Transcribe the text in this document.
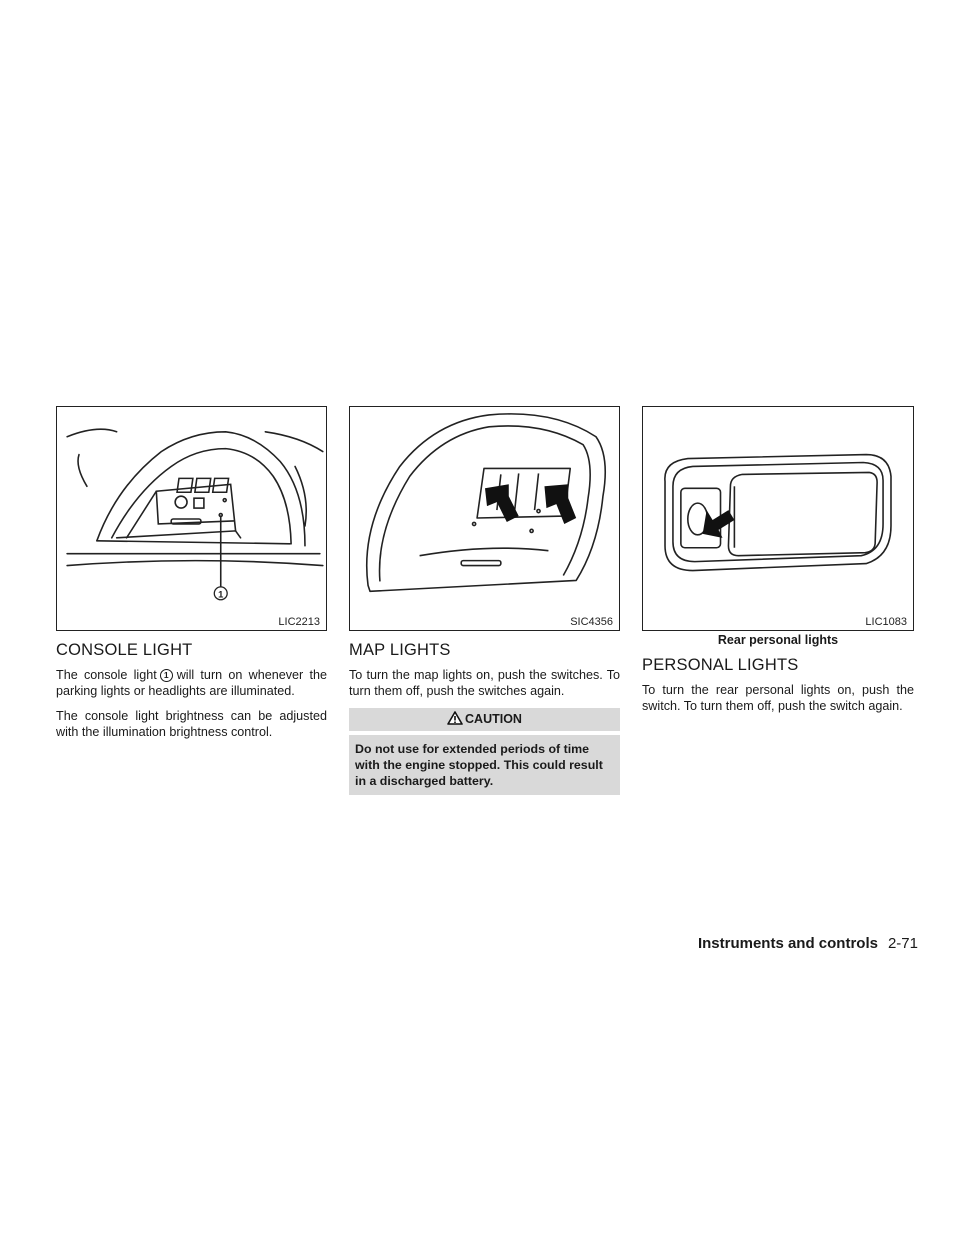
1
LIC2213
CONSOLE LIGHT

The console light 1 will turn on whenever the parking lights or headlights are illuminated.

The console light brightness can be adjusted with the illumination brightness control.

SIC4356
MAP LIGHTS

To turn the map lights on, push the switches. To turn them off, push the switches again.

CAUTION
Do not use for extended periods of time with the engine stopped. This could result in a discharged battery.
LIC1083
Rear personal lights
PERSONAL LIGHTS

To turn the rear personal lights on, push the switch. To turn them off, push the switch again.

Instruments and controls 2-71
